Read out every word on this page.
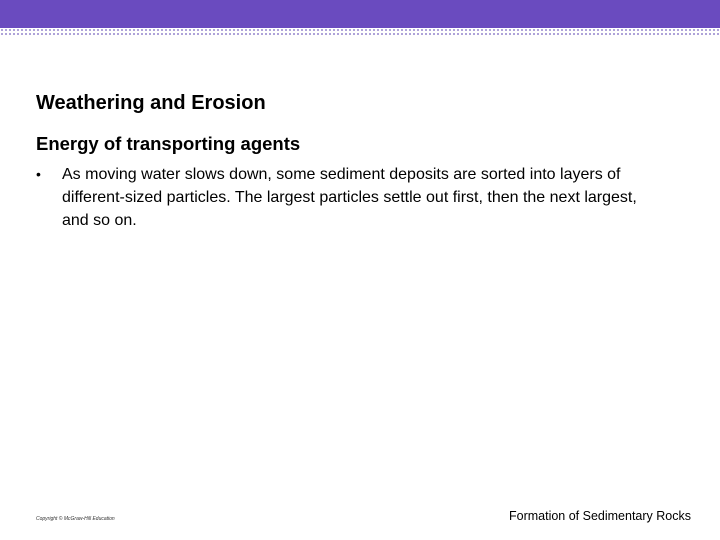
Weathering and Erosion
Energy of transporting agents
• As moving water slows down, some sediment deposits are sorted into layers of different-sized particles. The largest particles settle out first, then the next largest, and so on.
Copyright © McGraw-Hill Education	Formation of Sedimentary Rocks
